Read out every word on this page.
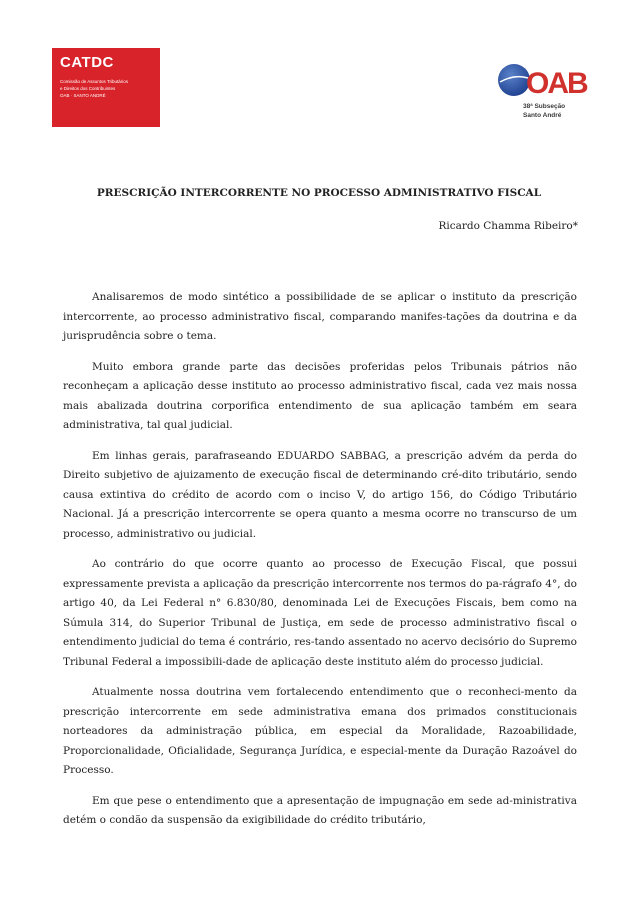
CATDC
Comissão de Assuntos Tributários
e Direitos dos Contribuintes
OAB · SANTO ANDRÉ	OAB
38ª Subseção
Santo André
PRESCRIÇÃO INTERCORRENTE NO PROCESSO ADMINISTRATIVO FISCAL
Ricardo Chamma Ribeiro*

Analisaremos de modo sintético a possibilidade de se aplicar o instituto da prescrição intercorrente, ao processo administrativo fiscal, comparando manifes-tações da doutrina e da jurisprudência sobre o tema.

Muito embora grande parte das decisões proferidas pelos Tribunais pátrios não reconheçam a aplicação desse instituto ao processo administrativo fiscal, cada vez mais nossa mais abalizada doutrina corporifica entendimento de sua aplicação também em seara administrativa, tal qual judicial.

Em linhas gerais, parafraseando EDUARDO SABBAG, a prescrição advém da perda do Direito subjetivo de ajuizamento de execução fiscal de determinando cré-dito tributário, sendo causa extintiva do crédito de acordo com o inciso V, do artigo 156, do Código Tributário Nacional. Já a prescrição intercorrente se opera quanto a mesma ocorre no transcurso de um processo, administrativo ou judicial.

Ao contrário do que ocorre quanto ao processo de Execução Fiscal, que possui expressamente prevista a aplicação da prescrição intercorrente nos termos do pa-rágrafo 4°, do artigo 40, da Lei Federal n° 6.830/80, denominada Lei de Execuções Fiscais, bem como na Súmula 314, do Superior Tribunal de Justiça, em sede de processo administrativo fiscal o entendimento judicial do tema é contrário, res-tando assentado no acervo decisório do Supremo Tribunal Federal a impossibili-dade de aplicação deste instituto além do processo judicial.

Atualmente nossa doutrina vem fortalecendo entendimento que o reconheci-mento da prescrição intercorrente em sede administrativa emana dos primados constitucionais norteadores da administração pública, em especial da Moralidade, Razoabilidade, Proporcionalidade, Oficialidade, Segurança Jurídica, e especial-mente da Duração Razoável do Processo.

Em que pese o entendimento que a apresentação de impugnação em sede ad-ministrativa detém o condão da suspensão da exigibilidade do crédito tributário,
